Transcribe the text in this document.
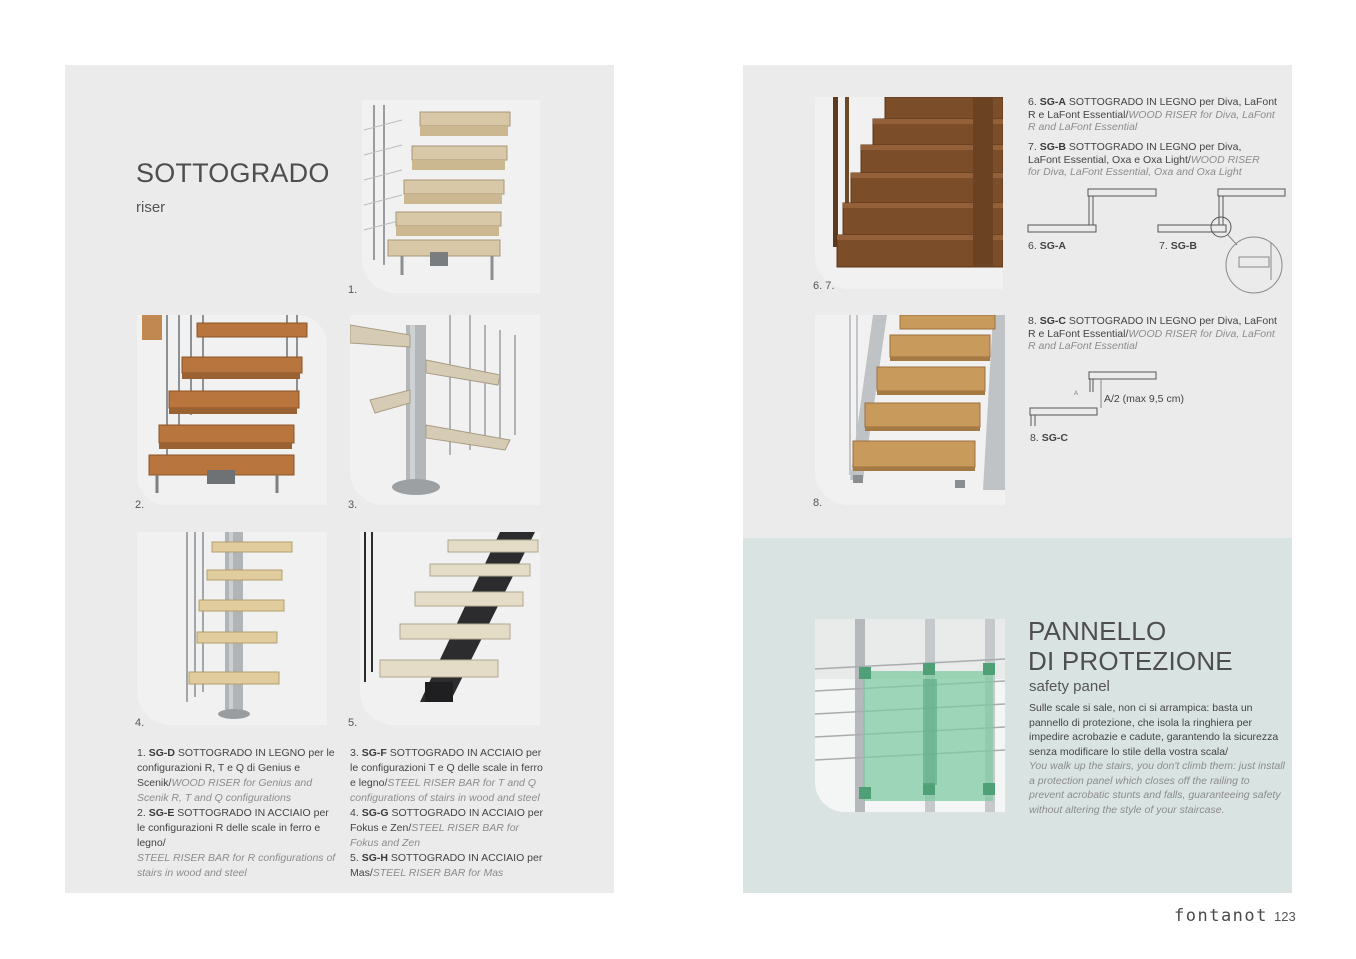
SOTTOGRADO
riser
1.
2.	3.
4.	5.
1. SG-D SOTTOGRADO IN LEGNO per le configurazioni R, T e Q di Genius e Scenik/WOOD RISER for Genius and Scenik R, T and Q configurations
2. SG-E SOTTOGRADO IN ACCIAIO per le configurazioni R delle scale in ferro e legno/
STEEL RISER BAR for R configurations of stairs in wood and steel
3. SG-F SOTTOGRADO IN ACCIAIO per le configurazioni T e Q delle scale in ferro e legno/STEEL RISER BAR for T and Q configurations of stairs in wood and steel
4. SG-G SOTTOGRADO IN ACCIAIO per Fokus e Zen/STEEL RISER BAR for Fokus and Zen
5. SG-H SOTTOGRADO IN ACCIAIO per Mas/STEEL RISER BAR for Mas
6. 7.
6. SG-A SOTTOGRADO IN LEGNO per Diva, LaFont R e LaFont Essential/WOOD RISER for Diva, LaFont R and LaFont Essential
7. SG-B SOTTOGRADO IN LEGNO per Diva, LaFont Essential, Oxa e Oxa Light/WOOD RISER for Diva, LaFont Essential, Oxa and Oxa Light
6. SG-A	7. SG-B
8.
8. SG-C SOTTOGRADO IN LEGNO per Diva, LaFont R e LaFont Essential/WOOD RISER for Diva, LaFont R and LaFont Essential
A A/2 (max 9,5 cm)
8. SG-C
PANNELLO
DI PROTEZIONE
safety panel
Sulle scale si sale, non ci si arrampica: basta un pannello di protezione, che isola la ringhiera per impedire acrobazie e cadute, garantendo la sicurezza senza modificare lo stile della vostra scala/
You walk up the stairs, you don't climb them: just install a protection panel which closes off the railing to prevent acrobatic stunts and falls, guaranteeing safety without altering the style of your staircase.
fontanot 123
